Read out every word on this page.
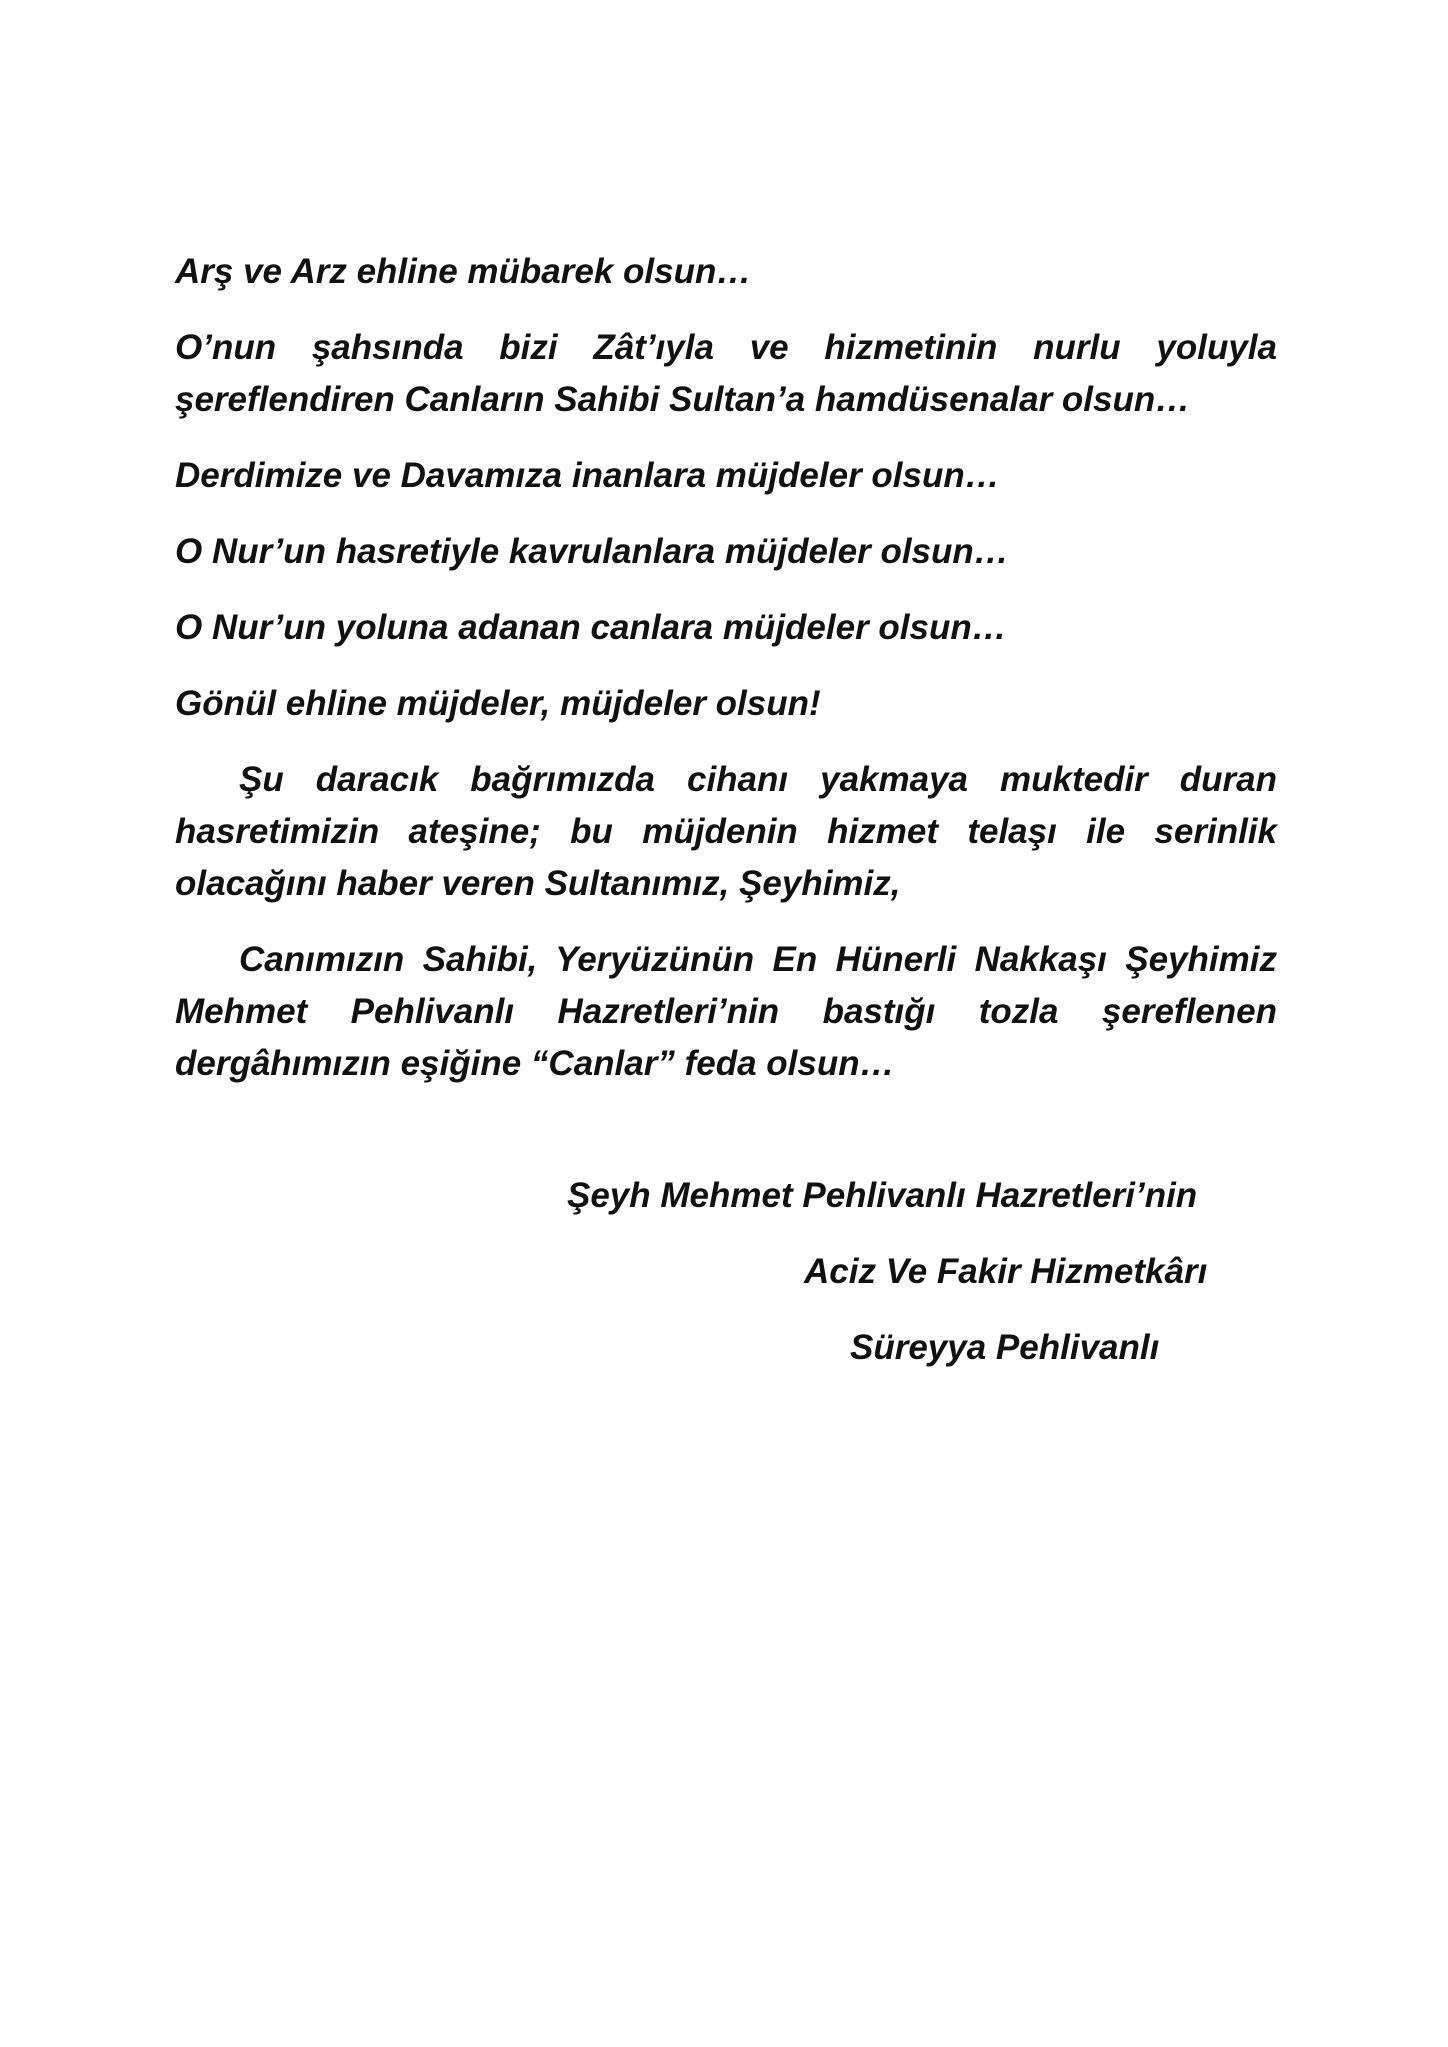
Arş ve Arz ehline mübarek olsun…

O’nun şahsında bizi Zât’ıyla ve hizmetinin nurlu yoluyla şereflendiren Canların Sahibi Sultan’a hamdüsenalar olsun…

Derdimize ve Davamıza inanlara müjdeler olsun…

O Nur’un hasretiyle kavrulanlara müjdeler olsun…

O Nur’un yoluna adanan canlara müjdeler olsun…

Gönül ehline müjdeler, müjdeler olsun!

Şu daracık bağrımızda cihanı yakmaya muktedir duran hasretimizin ateşine; bu müjdenin hizmet telaşı ile serinlik olacağını haber veren Sultanımız, Şeyhimiz,

Canımızın Sahibi, Yeryüzünün En Hünerli Nakkaşı Şeyhimiz Mehmet Pehlivanlı Hazretleri’nin bastığı tozla şereflenen dergâhımızın eşiğine “Canlar” feda olsun…

Şeyh Mehmet Pehlivanlı Hazretleri’nin
Aciz Ve Fakir Hizmetkârı
Süreyya Pehlivanlı
